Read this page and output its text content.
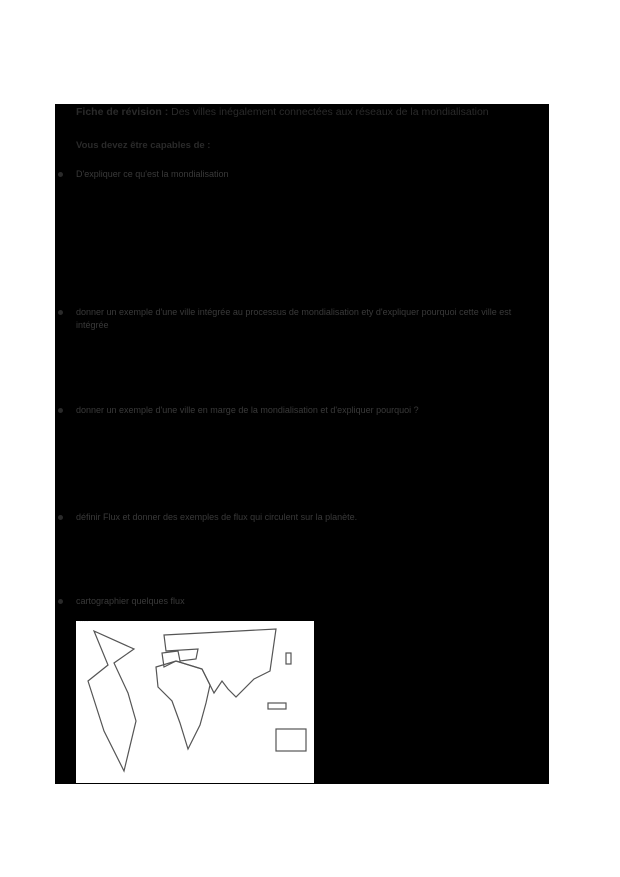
Fiche de révision : Des villes inégalement connectées aux réseaux de la mondialisation
Vous devez être capables de :
D'expliquer ce qu'est la mondialisation
donner un exemple d'une ville intégrée au processus de mondialisation ety d'expliquer pourquoi cette ville est intégrée
donner un exemple d'une ville en marge de la mondialisation et d'expliquer pourquoi ?
définir Flux et donner des exemples de flux qui circulent sur la planète.
cartographier quelques flux
· · · · ·
